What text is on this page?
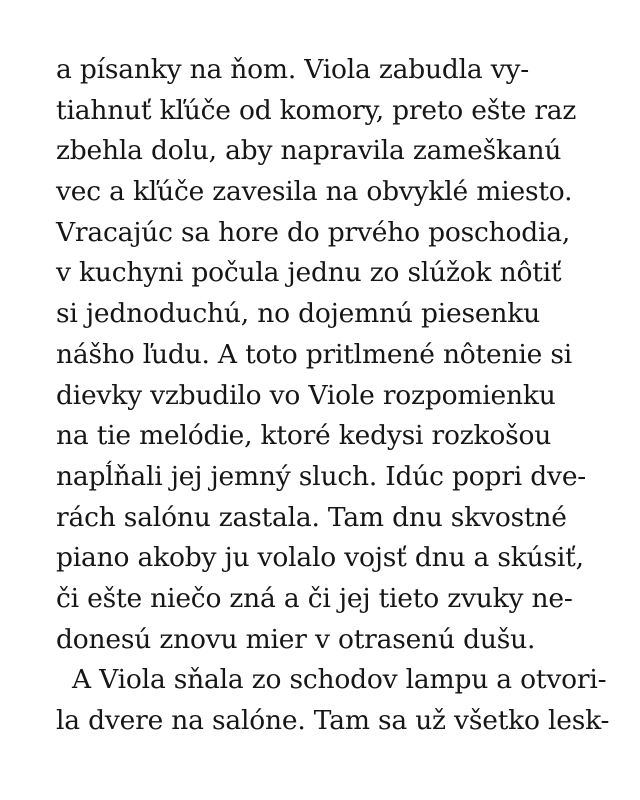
a písanky na ňom. Viola zabudla vy-
tiahnuť kľúče od komory, preto ešte raz
zbehla dolu, aby napravila zameškanú
vec a kľúče zavesila na obvyklé miesto.
Vracajúc sa hore do prvého poschodia,
v kuchyni počula jednu zo slúžok nôtiť
si jednoduchú, no dojemnú piesenku
nášho ľudu. A toto pritlmené nôtenie si
dievky vzbudilo vo Viole rozpomienku
na tie melódie, ktoré kedysi rozkošou
napĺňali jej jemný sluch. Idúc popri dve-
rách salónu zastala. Tam dnu skvostné
piano akoby ju volalo vojsť dnu a skúsiť,
či ešte niečo zná a či jej tieto zvuky ne-
donesú znovu mier v otrasenú dušu.
A Viola sňala zo schodov lampu a otvori-
la dvere na salóne. Tam sa už všetko lesk-
